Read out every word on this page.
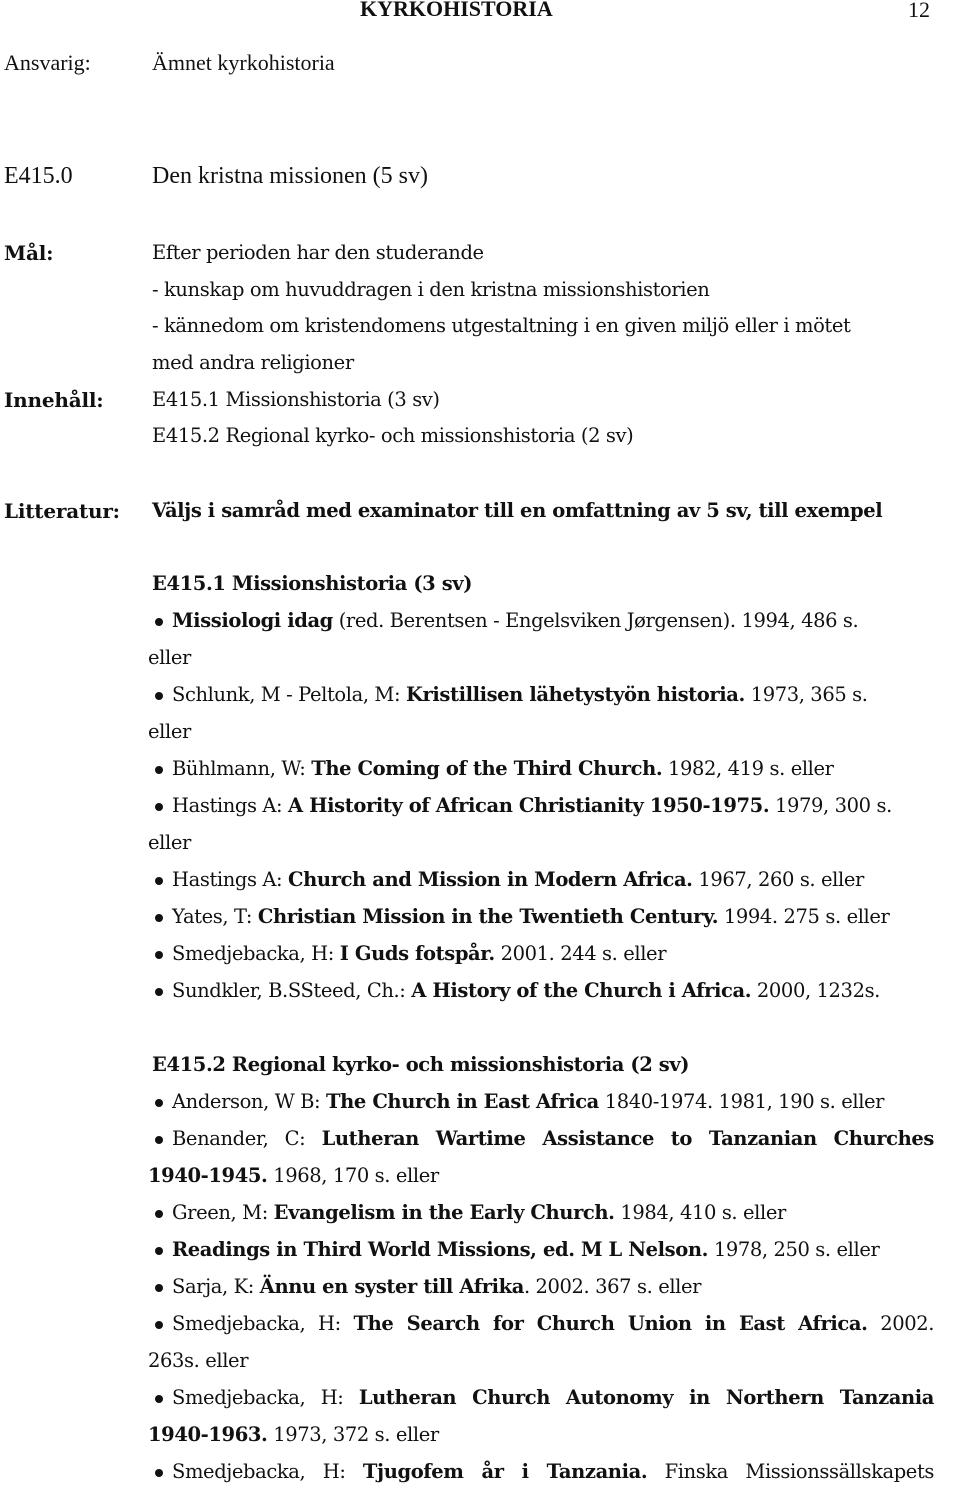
KYRKOHISTORIA	12
Ansvarig:	Ämnet kyrkohistoria
E415.0	Den kristna missionen (5 sv)
Mål:	Efter perioden har den studerande
- kunskap om huvuddragen i den kristna missionshistorien
- kännedom om kristendomens utgestaltning i en given miljö eller i mötet
med andra religioner
Innehåll: E415.1 Missionshistoria (3 sv)
E415.2 Regional kyrko- och missionshistoria (2 sv)
Litteratur: Väljs i samråd med examinator till en omfattning av 5 sv, till exempel
E415.1 Missionshistoria (3 sv)
Missiologi idag (red. Berentsen - Engelsviken Jørgensen). 1994, 486 s.
eller
Schlunk, M - Peltola, M: Kristillisen lähetystyön historia. 1973, 365 s.
eller
Bühlmann, W: The Coming of the Third Church. 1982, 419 s. eller
Hastings A: A Histority of African Christianity 1950-1975. 1979, 300 s.
eller
Hastings A: Church and Mission in Modern Africa. 1967, 260 s. eller
Yates, T: Christian Mission in the Twentieth Century. 1994. 275 s. eller
Smedjebacka, H: I Guds fotspår. 2001. 244 s. eller
Sundkler, B.SSteed, Ch.: A History of the Church i Africa. 2000, 1232s.
E415.2 Regional kyrko- och missionshistoria (2 sv)
Anderson, W B: The Church in East Africa 1840-1974. 1981, 190 s. eller
Benander, C: Lutheran Wartime Assistance to Tanzanian Churches
1940-1945. 1968, 170 s. eller
Green, M: Evangelism in the Early Church. 1984, 410 s. eller
Readings in Third World Missions, ed. M L Nelson. 1978, 250 s. eller
Sarja, K: Ännu en syster till Afrika. 2002. 367 s. eller
Smedjebacka, H: The Search for Church Union in East Africa. 2002.
263s. eller
Smedjebacka, H: Lutheran Church Autonomy in Northern Tanzania
1940-1963. 1973, 372 s. eller
Smedjebacka, H: Tjugofem år i Tanzania. Finska Missionssällskapets
